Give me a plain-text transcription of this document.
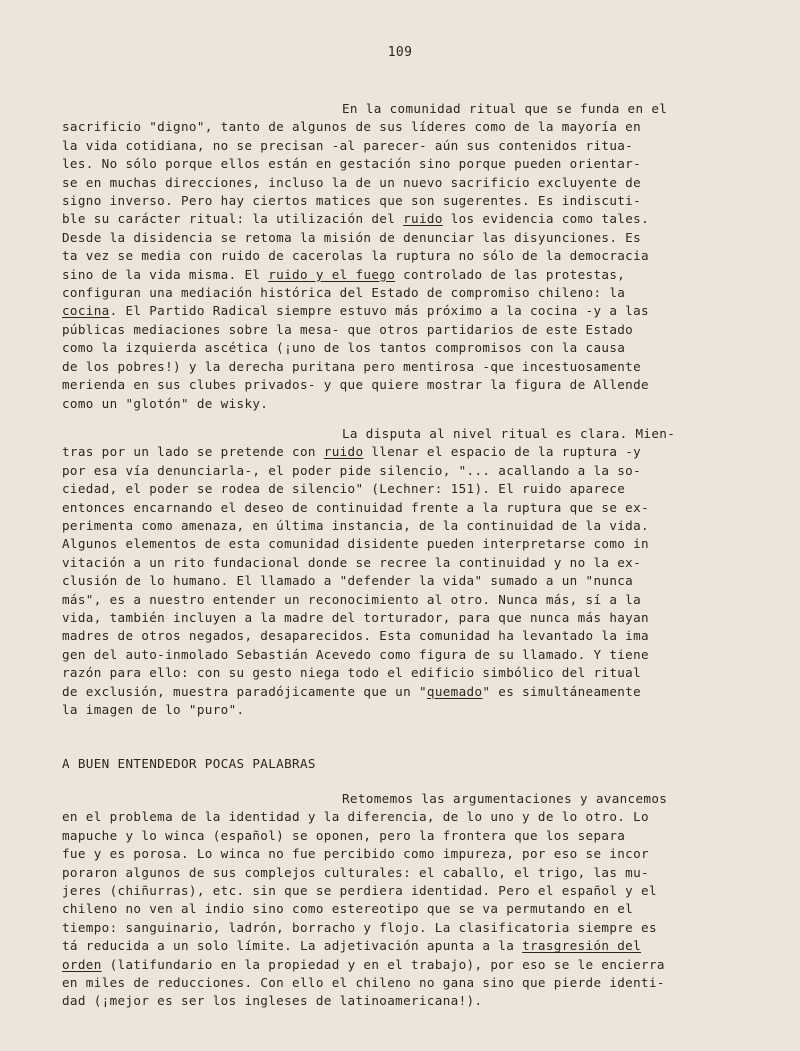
109
En la comunidad ritual que se funda en el
sacrificio "digno", tanto de algunos de sus líderes como de la mayoría en
la vida cotidiana, no se precisan -al parecer- aún sus contenidos ritua-
les. No sólo porque ellos están en gestación sino porque pueden orientar-
se en muchas direcciones, incluso la de un nuevo sacrificio excluyente de
signo inverso. Pero hay ciertos matices que son sugerentes. Es indiscuti-
ble su carácter ritual: la utilización del ruido los evidencia como tales.
Desde la disidencia se retoma la misión de denunciar las disyunciones. Es
ta vez se media con ruido de cacerolas la ruptura no sólo de la democracia
sino de la vida misma. El ruido y el fuego controlado de las protestas,
configuran una mediación histórica del Estado de compromiso chileno: la
cocina. El Partido Radical siempre estuvo más próximo a la cocina -y a las
públicas mediaciones sobre la mesa- que otros partidarios de este Estado
como la izquierda ascética (¡uno de los tantos compromisos con la causa
de los pobres!) y la derecha puritana pero mentirosa -que incestuosamente
merienda en sus clubes privados- y que quiere mostrar la figura de Allende
como un "glotón" de wisky.
La disputa al nivel ritual es clara. Mien-
tras por un lado se pretende con ruido llenar el espacio de la ruptura -y
por esa vía denunciarla-, el poder pide silencio, "... acallando a la so-
ciedad, el poder se rodea de silencio" (Lechner: 151). El ruido aparece
entonces encarnando el deseo de continuidad frente a la ruptura que se ex-
perimenta como amenaza, en última instancia, de la continuidad de la vida.
Algunos elementos de esta comunidad disidente pueden interpretarse como in
vitación a un rito fundacional donde se recree la continuidad y no la ex-
clusión de lo humano. El llamado a "defender la vida" sumado a un "nunca
más", es a nuestro entender un reconocimiento al otro. Nunca más, sí a la
vida, también incluyen a la madre del torturador, para que nunca más hayan
madres de otros negados, desaparecidos. Esta comunidad ha levantado la ima
gen del auto-inmolado Sebastián Acevedo como figura de su llamado. Y tiene
razón para ello: con su gesto niega todo el edificio simbólico del ritual
de exclusión, muestra paradójicamente que un "quemado" es simultáneamente
la imagen de lo "puro".
A BUEN ENTENDEDOR POCAS PALABRAS
Retomemos las argumentaciones y avancemos
en el problema de la identidad y la diferencia, de lo uno y de lo otro. Lo
mapuche y lo winca (español) se oponen, pero la frontera que los separa
fue y es porosa. Lo winca no fue percibido como impureza, por eso se incor
poraron algunos de sus complejos culturales: el caballo, el trigo, las mu-
jeres (chiñurras), etc. sin que se perdiera identidad. Pero el español y el
chileno no ven al indio sino como estereotipo que se va permutando en el
tiempo: sanguinario, ladrón, borracho y flojo. La clasificatoria siempre es
tá reducida a un solo límite. La adjetivación apunta a la trasgresión del
orden (latifundario en la propiedad y en el trabajo), por eso se le encierra
en miles de reducciones. Con ello el chileno no gana sino que pierde identi-
dad (¡mejor es ser los ingleses de latinoamericana!).
